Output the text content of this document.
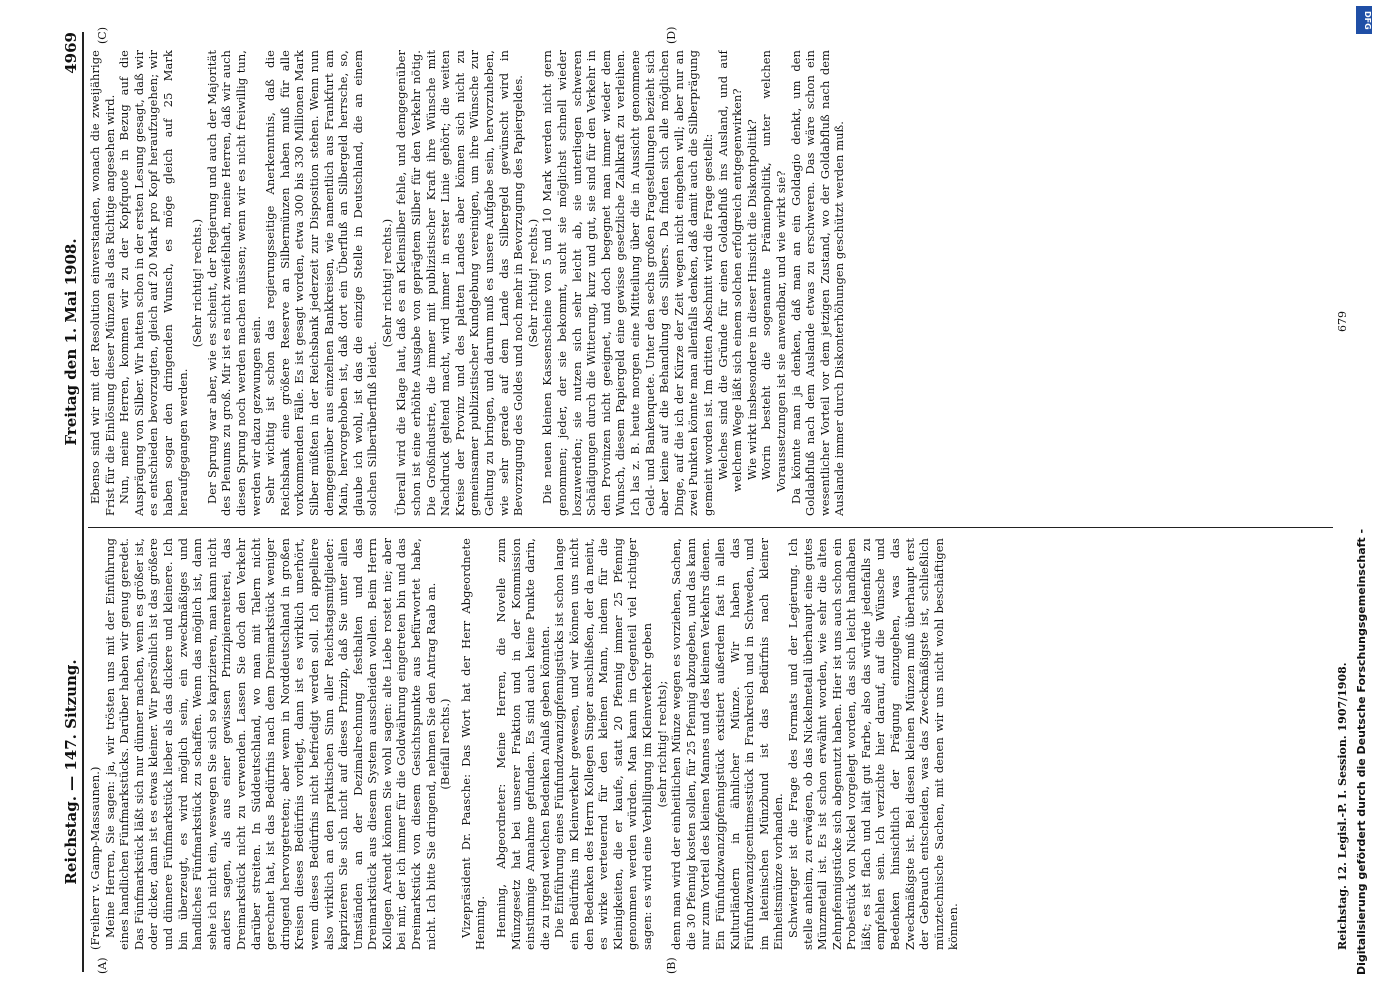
Reichstag. — 147. Sitzung.
Freitag den 1. Mai 1908.
4969
(A)	(B)
(C)	(D)

(Freiherr v. Gamp-Massaunen.) Meine Herren, Sie sagen: ja, wir trösten uns mit der Einführung eines handlichen Fünfmarkstücks. Darüber haben wir genug geredet. Das Fünfmarkstück läßt sich nur dünner machen, wenn es größer ist, oder dicker, dann ist es etwas kleiner. Wir persönlich ist das größere und dünnere Fünfmarkstück lieber als das dickere und kleinere. Ich bin überzeugt, es wird möglich sein, ein zweckmäßiges und handliches Fünfmarkstück zu schaffen. Wenn das möglich ist, dann sehe ich nicht ein, weswegen Sie sich so kaprizieren, man kann nicht anders sagen, als aus einer gewissen Prinzipienreiterei, das Dreimarkstück nicht zu verwenden. Lassen Sie doch den Verkehr darüber streiten. In Süddeutschland, wo man mit Talern nicht gerechnet hat, ist das Bedürfnis nach dem Dreimarkstück weniger dringend hervorgetreten; aber wenn in Norddeutschland in großen Kreisen dieses Bedürfnis vorliegt, dann ist es wirklich unerhört, wenn dieses Bedürfnis nicht befriedigt werden soll. Ich appelliere also wirklich an den praktischen Sinn aller Reichstagsmitglieder: kaprizieren Sie sich nicht auf dieses Prinzip, daß Sie unter allen Umständen an der Dezimalrechnung festhalten und das Dreimarkstück aus diesem System ausscheiden wollen. Beim Herrn Kollegen Arendt können Sie wohl sagen: alte Liebe rostet nie; aber bei mir, der ich immer für die Goldwährung eingetreten bin und das Dreimarkstück von diesem Gesichtspunkte aus befürwortet habe, nicht. Ich bitte Sie dringend, nehmen Sie den Antrag Raab an. (Beifall rechts.) Vizepräsident Dr. Paasche: Das Wort hat der Herr Abgeordnete Henning. Henning, Abgeordneter: Meine Herren, die Novelle zum Münzgesetz hat bei unserer Fraktion und in der Kommission einstimmige Annahme gefunden. Es sind auch keine Punkte darin, die zu irgend welchen Bedenken Anlaß geben könnten. Die Einführung eines Fünfundzwanzigpfennigstücks ist schon lange ein Bedürfnis im Kleinverkehr gewesen, und wir können uns nicht den Bedenken des Herrn Kollegen Singer anschließen, der da meint, es wirke verteuernd für den kleinen Mann, indem für die Kleinigkeiten, die er kaufe, statt 20 Pfennig immer 25 Pfennig genommen werden würden. Man kann im Gegenteil viel richtiger sagen: es wird eine Verbilligung im Kleinverkehr geben (sehr richtig! rechts); denn man wird der einheitlichen Münze wegen es vorziehen, Sachen, die 30 Pfennig kosten sollen, für 25 Pfennig abzugeben, und das kann nur zum Vorteil des kleinen Mannes und des kleinen Verkehrs dienen. Ein Fünfundzwanzigpfennigstück existiert außerdem fast in allen Kulturländern in ähnlicher Münze. Wir haben das Fünfundzwanzigcentimesstück in Frankreich und in Schweden, und im lateinischen Münzbund ist das Bedürfnis nach kleiner Einheitsmünze vorhanden. Schwieriger ist die Frage des Formats und der Legierung. Ich stelle anheim, zu erwägen, ob das Nickelmetall überhaupt eine gutes Münzmetall ist. Es ist schon erwähnt worden, wie sehr die alten Zehnpfennigstücke sich abgenutzt haben. Hier ist uns auch schon ein Probestück von Nickel vorgelegt worden, das sich leicht handhaben läßt; es ist flach und hält gut Farbe, also das würde jedenfalls zu empfehlen sein. Ich verzichte hier darauf, auf die Wünsche und Bedenken hinsichtlich der Prägung einzugehen, was das Zweckmäßigste ist. Bei diesen kleinen Münzen muß überhaupt erst der Gebrauch entscheiden, was das Zweckmäßigste ist, schließlich münztechnische Sachen, mit denen wir uns nicht wohl beschäftigen können.

Ebenso sind wir mit der Resolution einverstanden, wonach die zweijährige Frist für die Einlösung dieser Münzen als das Richtige angesehen wird. Nun, meine Herren, kommen wir zu der Kopfquote in Bezug auf die Ausprägung von Silber. Wir hatten schon in der ersten Lesung gesagt, daß wir es entschieden bevorzugten, gleich auf 20 Mark pro Kopf heraufzugehen; wir haben sogar den dringenden Wunsch, es möge gleich auf 25 Mark heraufgegangen werden.

(Sehr richtig! rechts.) Der Sprung war aber, wie es scheint, der Regierung und auch der Majorität des Plenums zu groß. Mir ist es nicht zweifelhaft, meine Herren, daß wir auch diesen Sprung noch werden machen müssen; wenn wir es nicht freiwillig tun, werden wir dazu gezwungen sein. Sehr wichtig ist schon das regierungsseitige Anerkenntnis, daß die Reichsbank eine größere Reserve an Silbermünzen haben muß für alle vorkommenden Fälle. Es ist gesagt worden, etwa 300 bis 330 Millionen Mark Silber müßten in der Reichsbank jederzeit zur Disposition stehen. Wenn nun demgegenüber aus einzelnen Bankkreisen, wie namentlich aus Frankfurt am Main, hervorgehoben ist, daß dort ein Überfluß an Silbergeld herrsche, so, glaube ich wohl, ist das die einzige Stelle in Deutschland, die an einem solchen Silberüberfluß leidet.

(Sehr richtig! rechts.) Überall wird die Klage laut, daß es an Kleinsilber fehle, und demgegenüber schon ist eine erhöhte Ausgabe von geprägtem Silber für den Verkehr nötig. Die Großindustrie, die immer mit publizistischer Kraft ihre Wünsche mit Nachdruck geltend macht, wird immer in erster Linie gehört; die weiten Kreise der Provinz und des platten Landes aber können sich nicht zu gemeinsamer publizistischer Kundgebung vereinigen, um ihre Wünsche zur Geltung zu bringen, und darum muß es unsere Aufgabe sein, hervorzuheben, wie sehr gerade auf dem Lande das Silbergeld gewünscht wird in Bevorzugung des Goldes und noch mehr in Bevorzugung des Papiergeldes. (Sehr richtig! rechts.) Die neuen kleinen Kassenscheine von 5 und 10 Mark werden nicht gern genommen; jeder, der sie bekommt, sucht sie möglichst schnell wieder loszuwerden; sie nutzen sich sehr leicht ab, sie unterliegen schweren Schädigungen durch die Witterung, kurz und gut, sie sind für den Verkehr in den Provinzen nicht geeignet, und doch begegnet man immer wieder dem Wunsch, diesem Papiergeld eine gewisse gesetzliche Zahlkraft zu verleihen. Ich las z. B. heute morgen eine Mitteilung über die in Aussicht genommene Geld- und Bankenquete. Unter den sechs großen Fragestellungen bezieht sich aber keine auf die Behandlung des Silbers. Da finden sich alle möglichen Dinge, auf die ich der Kürze der Zeit wegen nicht eingehen will; aber nur an zwei Punkten könnte man allenfalls denken, daß damit auch die Silberprägung gemeint worden ist. Im dritten Abschnitt wird die Frage gestellt: Welches sind die Gründe für einen Goldabfluß ins Ausland, und auf welchem Wege läßt sich einem solchen erfolgreich entgegenwirken? Wie wirkt insbesondere in dieser Hinsicht die Diskontpolitik? Worin besteht die sogenannte Prämienpolitik, unter welchen Voraussetzungen ist sie anwendbar, und wie wirkt sie? Da könnte man ja denken, daß man an ein Goldagio denkt, um den Goldabfluß nach dem Auslande etwas zu erschweren. Das wäre schon ein wesentlicher Vorteil vor dem jetzigen Zustand, wo der Goldabfluß nach dem Auslande immer durch Diskonterhöhungen geschützt werden muß.

Reichstag. 12. Legisl.-P. I. Session. 1907/1908.
679
DFG
Digitalisierung gefördert durch die Deutsche Forschungsgemeinschaft -
